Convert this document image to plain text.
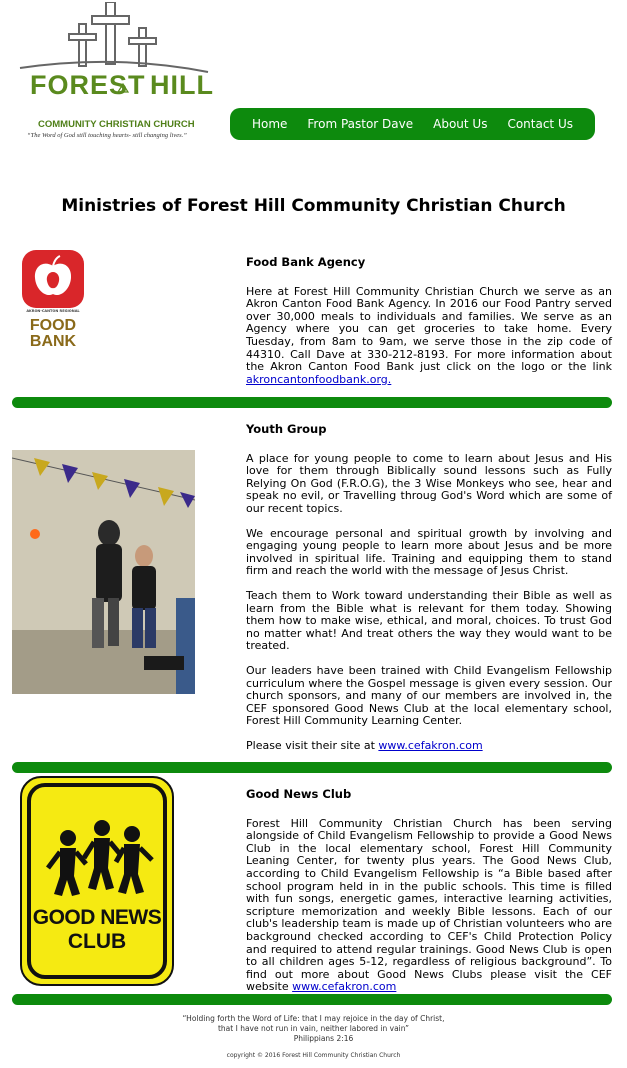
FOREST HILL
COMMUNITY CHRISTIAN CHURCH
“The Word of God still touching hearts- still changing lives.”
Home From Pastor Dave About Us Contact Us
Ministries of Forest Hill Community Christian Church
AKRON-CANTON REGIONAL
FOOD
BANK
Food Bank Agency

Here at Forest Hill Community Christian Church we serve as an Akron Canton Food Bank Agency. In 2016 our Food Pantry served over 30,000 meals to individuals and families. We serve as an Agency where you can get groceries to take home. Every Tuesday, from 8am to 9am, we serve those in the zip code of 44310. Call Dave at 330-212-8193. For more information about the Akron Canton Food Bank just click on the logo or the link akroncantonfoodbank.org.

Youth Group

A place for young people to come to learn about Jesus and His love for them through Biblically sound lessons such as Fully Relying On God (F.R.O.G), the 3 Wise Monkeys who see, hear and speak no evil, or Travelling throug God's Word which are some of our recent topics.

We encourage personal and spiritual growth by involving and engaging young people to learn more about Jesus and be more involved in spiritual life. Training and equipping them to stand firm and reach the world with the message of Jesus Christ.

Teach them to Work toward understanding their Bible as well as learn from the Bible what is relevant for them today. Showing them how to make wise, ethical, and moral, choices. To trust God no matter what! And treat others the way they would want to be treated.

Our leaders have been trained with Child Evangelism Fellowship curriculum where the Gospel message is given every session. Our church sponsors, and many of our members are involved in, the CEF sponsored Good News Club at the local elementary school, Forest Hill Community Learning Center.

Please visit their site at www.cefakron.com

GOOD NEWS
CLUB
Good News Club

Forest Hill Community Christian Church has been serving alongside of Child Evangelism Fellowship to provide a Good News Club in the local elementary school, Forest Hill Community Leaning Center, for twenty plus years. The Good News Club, according to Child Evangelism Fellowship is “a Bible based after school program held in in the public schools. This time is filled with fun songs, energetic games, interactive learning activities, scripture memorization and weekly Bible lessons. Each of our club's leadership team is made up of Christian volunteers who are background checked according to CEF's Child Protection Policy and required to attend regular trainings. Good News Club is open to all children ages 5-12, regardless of religious background”. To find out more about Good News Clubs please visit the CEF website www.cefakron.com

“Holding forth the Word of Life: that I may rejoice in the day of Christ,
that I have not run in vain, neither labored in vain”
Philippians 2:16
copyright © 2016 Forest Hill Community Christian Church
